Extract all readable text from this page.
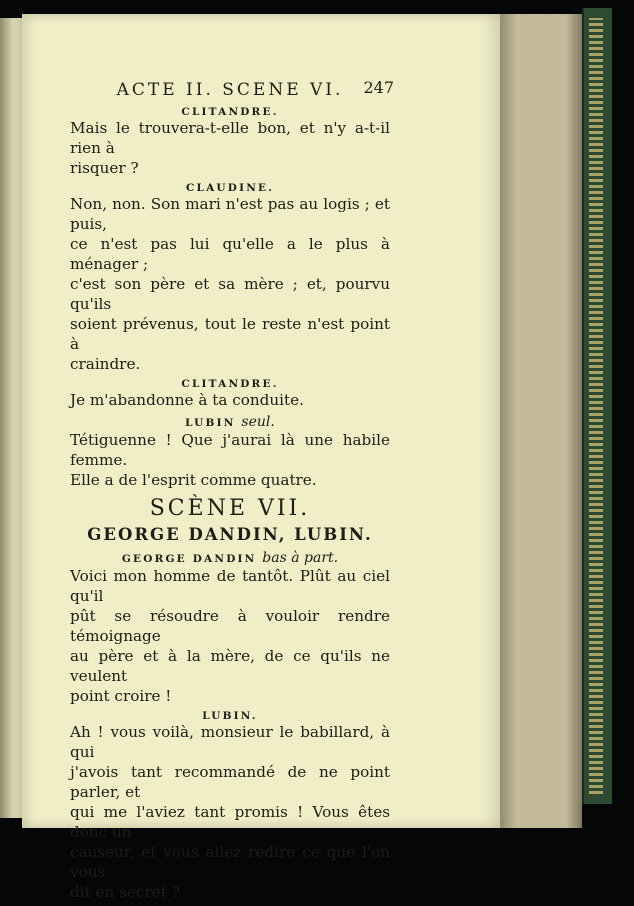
ACTE II. SCENE VI. 247

CLITANDRE.

Mais le trouvera-t-elle bon, et n'y a-t-il rien à

risquer ?

CLAUDINE.

Non, non. Son mari n'est pas au logis ; et puis,

ce n'est pas lui qu'elle a le plus à ménager ;

c'est son père et sa mère ; et, pourvu qu'ils

soient prévenus, tout le reste n'est point à

craindre.

CLITANDRE.

Je m'abandonne à ta conduite.

LUBIN seul.

Tétiguenne ! Que j'aurai là une habile femme.

Elle a de l'esprit comme quatre.

SCÈNE VII.

GEORGE DANDIN, LUBIN.

GEORGE DANDIN bas à part.

Voici mon homme de tantôt. Plût au ciel qu'il

pût se résoudre à vouloir rendre témoignage

au père et à la mère, de ce qu'ils ne veulent

point croire !

LUBIN.

Ah ! vous voilà, monsieur le babillard, à qui

j'avois tant recommandé de ne point parler, et

qui me l'aviez tant promis ! Vous êtes donc un

causeur, et vous allez redire ce que l'on vous

dit en secret ?
